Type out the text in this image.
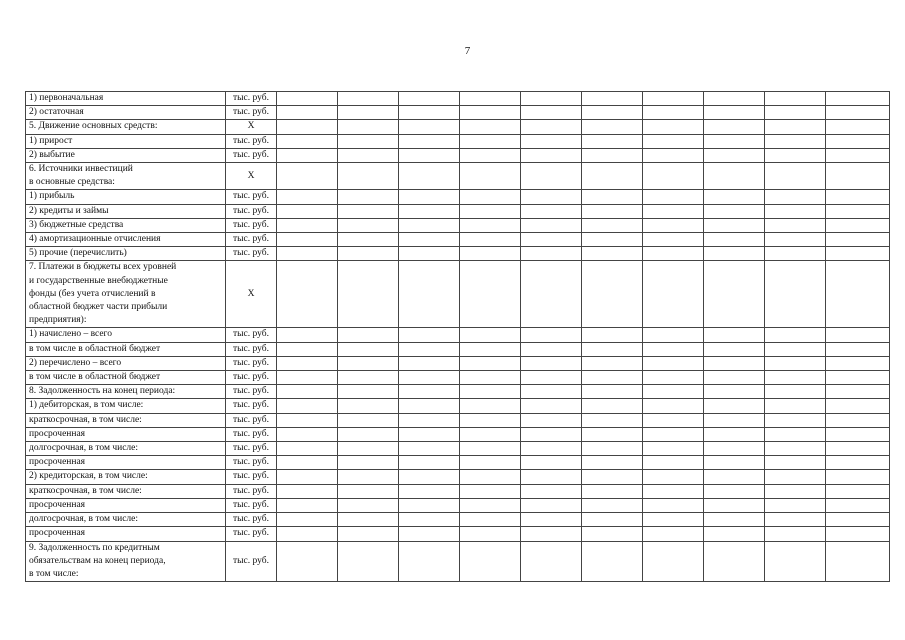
7
1) первоначальная	тыс. руб.										
2) остаточная	тыс. руб.										
5. Движение основных средств:	Х										
1) прирост	тыс. руб.										
2) выбытие	тыс. руб.										
6. Источники инвестиций
в основные средства:	Х										
1) прибыль	тыс. руб.										
2) кредиты и займы	тыс. руб.										
3) бюджетные средства	тыс. руб.										
4) амортизационные отчисления	тыс. руб.										
5) прочие (перечислить)	тыс. руб.										
7. Платежи в бюджеты всех уровней
и государственные внебюджетные
фонды (без учета отчислений в
областной бюджет части прибыли
предприятия):	Х										
1) начислено – всего	тыс. руб.										
в том числе в областной бюджет	тыс. руб.										
2) перечислено – всего	тыс. руб.										
в том числе в областной бюджет	тыс. руб.										
8. Задолженность на конец периода:	тыс. руб.										
1) дебиторская, в том числе:	тыс. руб.										
краткосрочная, в том числе:	тыс. руб.										
просроченная	тыс. руб.										
долгосрочная, в том числе:	тыс. руб.										
просроченная	тыс. руб.										
2) кредиторская, в том числе:	тыс. руб.										
краткосрочная, в том числе:	тыс. руб.										
просроченная	тыс. руб.										
долгосрочная, в том числе:	тыс. руб.										
просроченная	тыс. руб.										
9. Задолженность по кредитным
обязательствам на конец периода,
в том числе:	тыс. руб.										
